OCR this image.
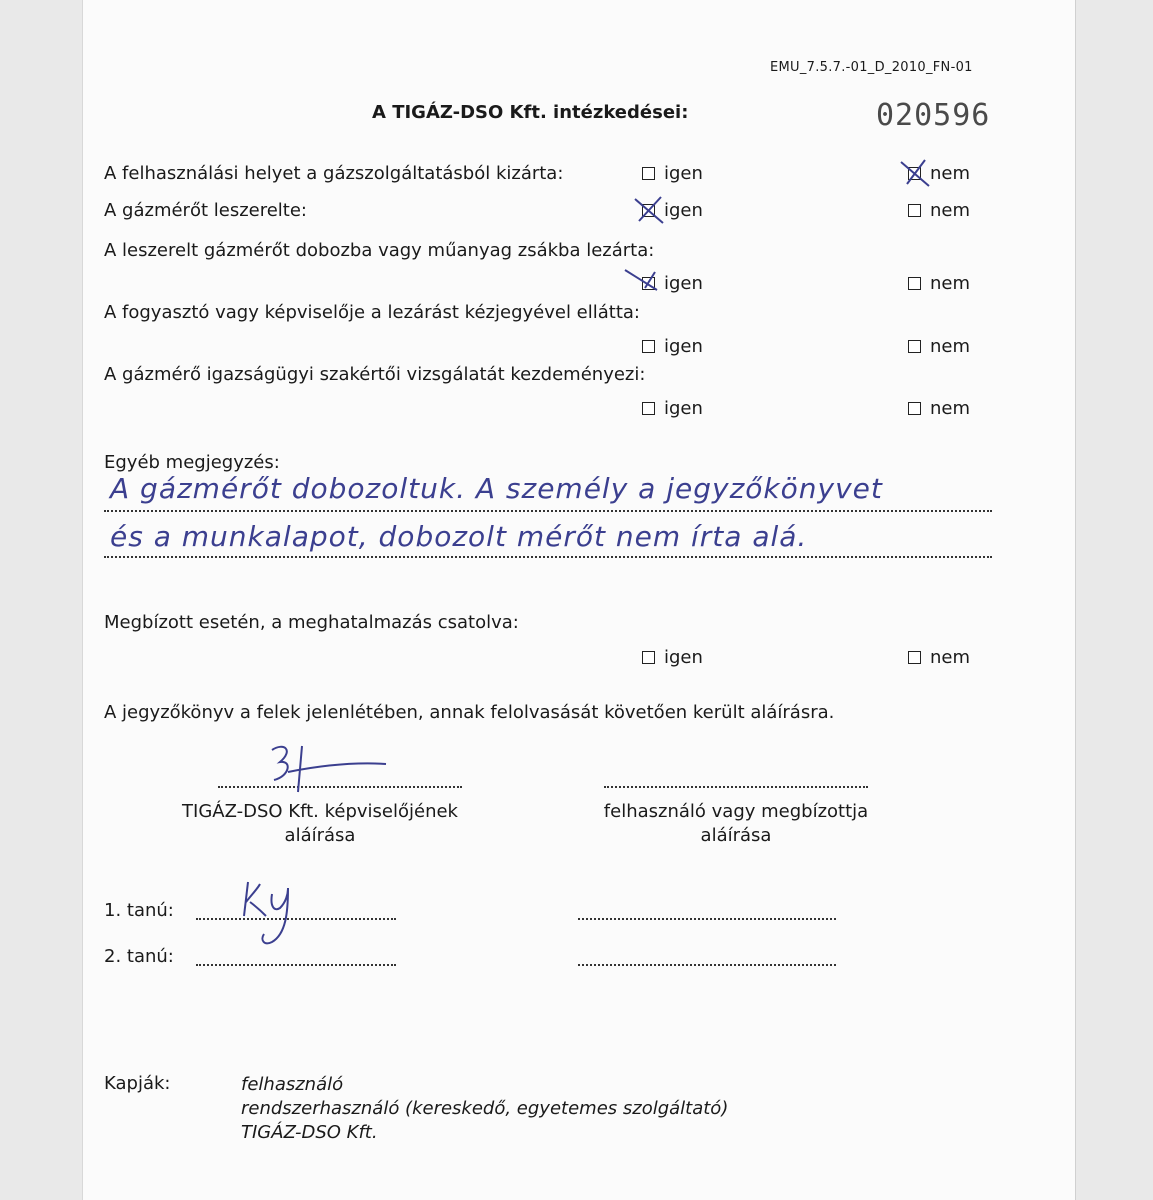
EMU_7.5.7.-01_D_2010_FN-01
A TIGÁZ-DSO Kft. intézkedései:	020596
A felhasználási helyet a gázszolgáltatásból kizárta:	igen	nem
A gázmérőt leszerelte:	igen	nem
A leszerelt gázmérőt dobozba vagy műanyag zsákba lezárta:
igen	nem
A fogyasztó vagy képviselője a lezárást kézjegyével ellátta:
igen	nem
A gázmérő igazságügyi szakértői vizsgálatát kezdeményezi:
igen	nem
Egyéb megjegyzés:
A gázmérőt dobozoltuk. A személy a jegyzőkönyvet
és a munkalapot, dobozolt mérőt nem írta alá.
Megbízott esetén, a meghatalmazás csatolva:
igen	nem
A jegyzőkönyv a felek jelenlétében, annak felolvasását követően került aláírásra.
TIGÁZ-DSO Kft. képviselőjének
aláírása
felhasználó vagy megbízottja
aláírása
1. tanú:
2. tanú:
Kapják:	felhasználó
rendszerhasználó (kereskedő, egyetemes szolgáltató)
TIGÁZ-DSO Kft.
